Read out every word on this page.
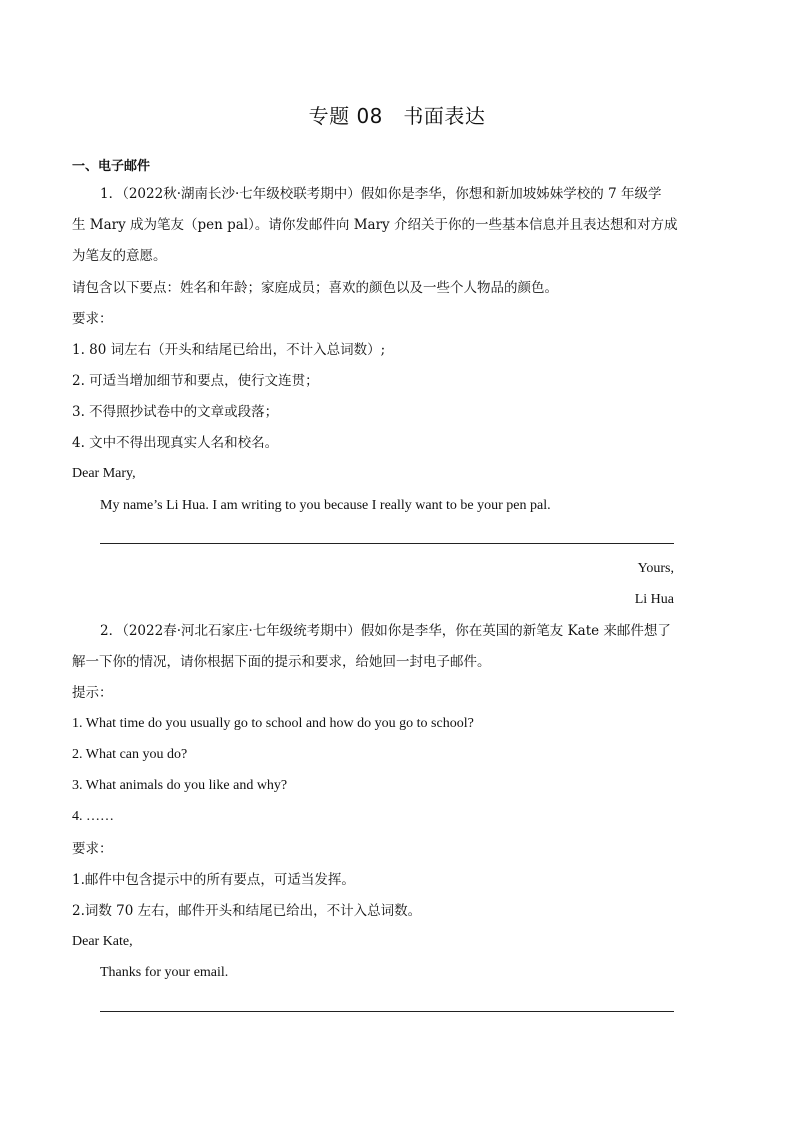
专题 08　书面表达
一、电子邮件
1．（2022秋·湖南长沙·七年级校联考期中）假如你是李华，你想和新加坡姊妹学校的 7 年级学
生 Mary 成为笔友（pen pal）。请你发邮件向 Mary 介绍关于你的一些基本信息并且表达想和对方成
为笔友的意愿。
请包含以下要点：姓名和年龄；家庭成员；喜欢的颜色以及一些个人物品的颜色。
要求：
1. 80 词左右（开头和结尾已给出，不计入总词数）;
2. 可适当增加细节和要点，使行文连贯；
3. 不得照抄试卷中的文章或段落；
4. 文中不得出现真实人名和校名。
Dear Mary,
My name’s Li Hua. I am writing to you because I really want to be your pen pal.
Yours,
Li Hua
2．（2022春·河北石家庄·七年级统考期中）假如你是李华，你在英国的新笔友 Kate 来邮件想了
解一下你的情况，请你根据下面的提示和要求，给她回一封电子邮件。
提示：
1. What time do you usually go to school and how do you go to school?
2. What can you do?
3. What animals do you like and why?
4. ……
要求：
1.邮件中包含提示中的所有要点，可适当发挥。
2.词数 70 左右，邮件开头和结尾已给出，不计入总词数。
Dear Kate,
Thanks for your email.
